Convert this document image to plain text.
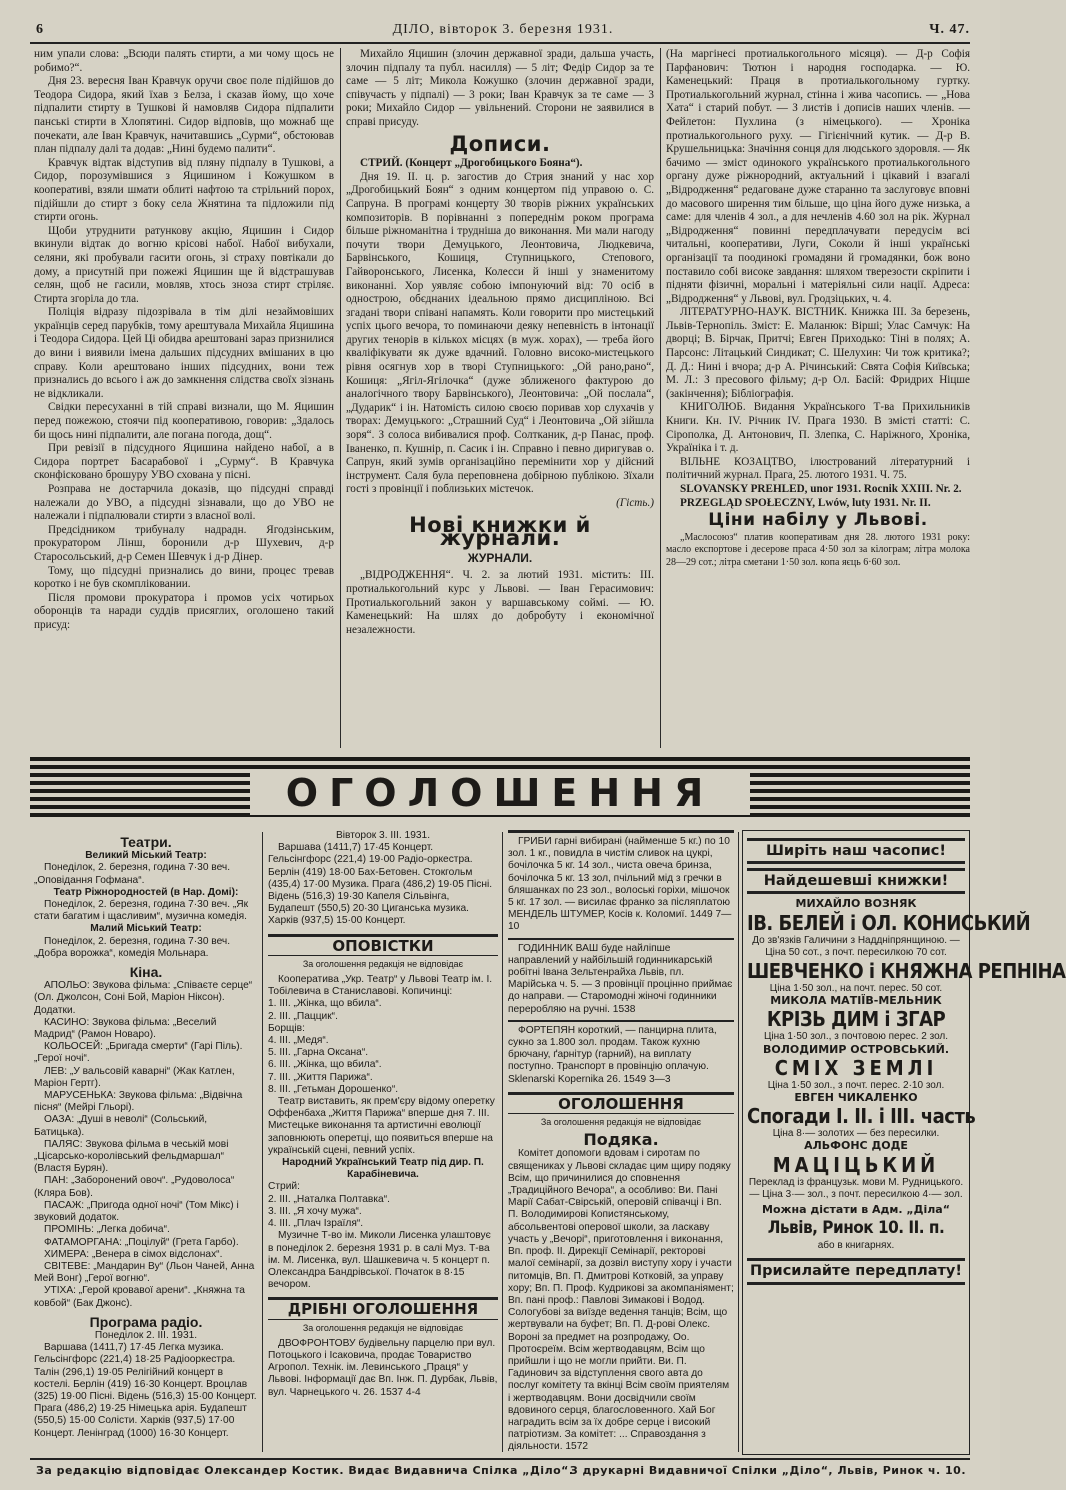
6	ДІЛО, вівторок 3. березня 1931.	Ч. 47.

ним упали слова: „Всюди палять стирти, а ми чому щось не робимо?“.

Дня 23. вересня Іван Кравчук оручи своє поле підійшов до Теодора Сидора, який їхав з Белза, і сказав йому, що хоче підпалити стирту в Тушкові й намовляв Сидора підпалити панські стирти в Хлопятині. Сидор відповів, що можнаб ще почекати, але Іван Кравчук, начитавшись „Сурми“, обстоював план підпалу далі та додав: „Нині будемо палити“.

Кравчук відтак відступив від пляну підпалу в Тушкові, а Сидор, порозумівшися з Яцишином і Кожушком в кооперативі, взяли шмати облиті нафтою та стрільний порох, підійшли до стирт з боку села Жнятина та підложили під стирти огонь.

Щоби утруднити ратункову акцію, Яцишин і Сидор вкинули відтак до вогню крісові набої. Набої вибухали, селяни, які пробували гасити огонь, зі страху повтікали до дому, а присутній при пожежі Яцишин ще й відстрашував селян, щоб не гасили, мовляв, хтось зноза стирт стріляє. Стирта згоріла до тла.

Поліція відразу підозрівала в тім ділі незаймовіших українців серед парубків, тому арештувала Михайла Яцишина і Теодора Сидора. Цей Ці обидва арештовані зараз признилися до вини і виявили імена дальших підсудних вмішаних в цю справу. Коли арештовано інших підсудних, вони теж признались до всього і аж до замкнення слідства своїх зізнань не відкликали.

Свідки пересуханні в тій справі визнали, що М. Яцишин перед пожежою, стоячи під кооперативою, говорив: „Здалось би щось нині підпалити, але погана погода, дощ“.

При ревізії в підсудного Яцишина найдено набої, а в Сидора портрет Басарабової і „Сурму“. В Кравчука сконфісковано брошуру УВО схована у пісні.

Розправа не достарчила доказів, що підсудні справді належали до УВО, а підсудні зізнавали, що до УВО не належали і підпалювали стирти з власної волі.

Предсідником трибуналу надрадн. Ягодзінським, прокуратором Лінш, боронили д-р Шухевич, д-р Старосольський, д-р Семен Шевчук і д-р Дінер.

Тому, що підсудні признались до вини, процес тревав коротко і не був скомпліковании.

Після промови прокуратора і промов усіх чотирьох оборонців та наради суддів присяглих, оголошено такий присуд:

Михайло Яцишин (злочин державної зради, дальша участь, злочин підпалу та публ. насилля) — 5 літ; Федір Сидор за те саме — 5 літ; Микола Кожушко (злочин державної зради, співучасть у підпалі) — 3 роки; Іван Кравчук за те саме — 3 роки; Михайло Сидор — увільнений. Сторони не заявилися в справі присуду.

Дописи.

СТРИЙ. (Концерт „Дрогобицького Бояна“).

Дня 19. ІІ. ц. р. загостив до Стрия знаний у нас хор „Дрогобицький Боян“ з одним концертом під управою о. С. Сапруна. В програмі концерту 30 творів ріжних українських композиторів. В порівнанні з попереднім роком програма більше ріжноманітна і трудніша до виконання. Ми мали нагоду почути твори Демуцького, Леонтовича, Людкевича, Барвінського, Кошиця, Ступницького, Степового, Гайворонського, Лисенка, Колесси й інші у знаменитому виконанні. Хор уявляє собою імпонуючий від: 70 осіб в однострою, обєднаних ідеальною прямо дисципліною. Всі згадані твори співані напамять. Коли говорити про мистецький успіх цього вечора, то поминаючи деяку непевність в інтонації других тенорів в кількох місцях (в муж. хорах), — треба його кваліфікувати як дуже вдачний. Головно високо-мистецького рівня осягнув хор в творі Ступницького: „Ой рано,рано“, Кошиця: „Ягіл-Ягілочка“ (дуже зближеного фактурою до аналогічного твору Барвінського), Леонтовича: „Ой послала“, „Дударик“ і ін. Натомість силою своєю поривав хор слухачів у творах: Демуцького: „Страшний Суд“ і Леонтовича „Ой зійшла зоря“. З солоса вибивалися проф. Солтканик, д-р Панас, проф. Іваненко, п. Кушнір, п. Сасик і ін. Справно і певно диригував о. Сапрун, який зумів організаційно перемінити хор у дійсний інструмент. Саля була переповнена добірною публікою. Зїхали гості з провінції і поблизьких містечок.

(Гість.)

Нові книжки й журнали.
ЖУРНАЛИ.

„ВІДРОДЖЕННЯ“. Ч. 2. за лютий 1931. містить: ІІІ. протиалькогольний курс у Львові. — Іван Герасимович: Протиалькогольний закон у варшавському соймі. — Ю. Каменецький: На шлях до добробуту і економічної незалежности.

(На маргінесі протиалькогольного місяця). — Д-р Софія Парфанович: Тютюн і народня господарка. — Ю. Каменецький: Праця в протиалькогольному гуртку. Протиалькогольний журнал, стінна і жива часопись. — „Нова Хата“ і старий побут. — З листів і дописів наших членів. — Фейлетон: Пухлина (з німецького). — Хроніка протиалькогольного руху. — Гігієнічний кутик. — Д-р В. Крушельницька: Значіння сонця для людського здоровля. — Як бачимо — зміст одинокого українського протиалькогольного органу дуже ріжнородний, актуальний і цікавий і взагалі „Відродження“ редаговане дуже старанно та заслуговує вповні до масового ширення тим більше, що ціна його дуже низька, а саме: для членів 4 зол., а для нечленів 4.60 зол на рік. Журнал „Відродження“ повинні передплачувати передусім всі читальні, кооперативи, Луги, Соколи й інші українські організації та поодинокі громадяни й громадянки, бож воно поставило собі високе завдання: шляхом тверезости скріпити і підняти фізичні, моральні і матеріяльні сили нації. Адреса: „Відродження“ у Львові, вул. Гродзіцьких, ч. 4.

ЛІТЕРАТУРНО-НАУК. ВІСТНИК. Книжка ІІІ. За березень, Львів-Тернопіль. Зміст: Е. Маланюк: Вірші; Улас Самчук: На дворці; В. Бірчак, Притчі; Евген Приходько: Тіні в полях; А. Парсонс: Літацький Синдикат; С. Шелухин: Чи тож критика?; Д. Д.: Нині і вчора; д-р А. Річинський: Свята Софія Київська; М. Л.: З пресового фільму; д-р Ол. Басій: Фридрих Ніцше (закінчення); Бібліографія.

КНИГОЛЮБ. Видання Українського Т-ва Прихильників Книги. Кн. IV. Річник IV. Прага 1930. В змісті статті: С. Сірополка, Д. Антонович, П. Злепка, С. Наріжного, Хроніка, Українікa і т. д.

ВІЛЬНЕ КОЗАЦТВО, ілюстрований літературний і політичний журнал. Прага, 25. лютого 1931. Ч. 75.

SLOVANSKY PREHLED, unor 1931. Rocnik XXIII. Nr. 2.

PRZEGLĄD SPOŁECZNY, Lwów, luty 1931. Nr. II.

Ціни набілу у Львові.

„Маслосоюз“ платив кооперативам дня 28. лютого 1931 року: масло експортове і десерове праса 4·50 зол за кілограм; літра молока 28—29 сот.; літра сметани 1·50 зол. копа яєць 6·60 зол.

ОГОЛОШЕННЯ
Театри.
Великий Міський Театр:
Понеділок, 2. березня, година 7·30 веч. „Оповідання Гофмана“.
Театр Ріжнородностей (в Нар. Домі):
Понеділок, 2. березня, година 7·30 веч. „Як стати багатим і щасливим“, музична комедія.
Малий Міський Театр:
Понеділок, 2. березня, година 7·30 веч. „Добра ворожка“, комедія Мольнара.
Кіна.
АПОЛЬО: Звукова фільма: „Співаєте серце“ (Ол. Джолсон, Соні Бой, Маріон Ніксон). Додатки.
КАСИНО: Звукова фільма: „Веселий Мадрид“ (Рамон Новаро).
КОЛЬОСЕЙ: „Бригада смерти“ (Гарі Піль). „Герої ночі“.
ЛЕВ: „У вальсовій каварні“ (Жак Катлен, Маріон Гертг).
МАРУСЕНЬКА: Звукова фільма: „Відвічна пісня“ (Мейрі Гльорі).
ОАЗА: „Душі в неволі“ (Сольський, Батицька).
ПАЛЯС: Звукова фільма в чеській мові „Цісарсько-королівський фельдмаршал“ (Властя Бурян).
ПАН: „Заборонений овоч“. „Рудоволоса“ (Кляра Бов).
ПАСАЖ: „Пригода одної ночі“ (Том Мікс) і звуковий додаток.
ПРОМІНЬ: „Легка добича“.
ФАТАМОРГАНА: „Поцілуй“ (Грета Гарбо).
ХИМЕРА: „Венера в сімох відслонах“.
СВІТЕВЕ: „Мандарин Ву“ (Льон Чаней, Анна Мей Вонг) „Герої вогню“.
УТІХА: „Герой кровавої арени“. „Княжна та ковбой“ (Бак Джонс).
Програма радіо.
Понеділок 2. ІІІ. 1931.
Варшава (1411,7) 17·45 Легка музика. Гельсінгфорс (221,4) 18·25 Радіооркестра. Талін (296,1) 19·05 Релігійний концерт в костелі. Берлін (419) 16·30 Концерт. Вроцлав (325) 19·00 Пісні. Відень (516,3) 15·00 Концерт. Прага (486,2) 19·25 Німецька арія. Будапешт (550,5) 15·00 Солісти. Харків (937,5) 17·00 Концерт. Ленінград (1000) 16·30 Концерт.
Вівторок 3. ІІІ. 1931.
Варшава (1411,7) 17·45 Концерт. Гельсінгфорс (221,4) 19·00 Радіо-оркестра. Берлін (419) 18·00 Бах-Бетовен. Стокгольм (435,4) 17·00 Музика. Прага (486,2) 19·05 Пісні. Відень (516,3) 19·30 Капеля Сільвінга, Будапешт (550,5) 20·30 Циганська музика. Харків (937,5) 15·00 Концерт.
ОПОВІСТКИ
За оголошення редакція не відповідає
Кооператива „Укр. Театр“ у Львові Театр ім. І. Тобілевича в Станиславові. Копичинці:
1. ІІІ. „Жінка, що вбила“.
2. ІІІ. „Паццик“.
Борщів:
4. ІІІ. „Медя“.
5. ІІІ. „Гарна Оксана“.
6. ІІІ. „Жінка, що вбила“.
7. ІІІ. „Життя Парижа“.
8. ІІІ. „Гетьман Дорошенко“.
Театр виставить, як прем'єру відому оперетку Оффенбаха „Життя Парижа“ вперше дня 7. ІІІ. Мистецьке виконання та артистичні еволюції заповнюють оперетці, що появиться вперше на українській сцені, певний успіх.
Народний Український Театр під дир. П. Карабіневича.
Стрий:
2. ІІІ. „Наталка Полтавка“.
3. ІІІ. „Я хочу мужа“.
4. ІІІ. „Плач Ізраїля“.
Музичне Т-во ім. Миколи Лисенка улаштовує в понеділок 2. березня 1931 р. в салі Муз. Т-ва ім. М. Лисенка, вул. Шашкевича ч. 5 концерт п. Олександра Бандрівської. Початок в 8·15 вечором.
ДРІБНІ ОГОЛОШЕННЯ
За оголошення редакція не відповідає
ДВОФРОНТОВУ будівельну парцелю при вул. Потоцького і Ісаковича, продає Товариство Агропол. Технік. ім. Левинського „Праця“ у Львові. Інформації дає Вп. Інж. П. Дурбак, Львів, вул. Чарнецького ч. 26. 1537 4-4
ГРИБИ гарні вибирані (найменше 5 кг.) по 10 зол. 1 кг., повидла в чистім сливок на цукрі, бочілочка 5 кг. 14 зол., чиста овеча бринза, бочілочка 5 кг. 13 зол, пчільний мід з гречки в бляшанках по 23 зол., волоські горіхи, мішочок 5 кг. 17 зол. — висилає франко за післяплатою МЕНДЕЛЬ ШТУМЕР, Косів к. Коломиї. 1449 7—10
ГОДИННИК ВАШ буде найліпше направлений у найбільшій годинникарській робітні Івана Зельтенрайха Львів, пл. Марійська ч. 5. — 3 провінції процінно приймає до направи. — Старомодні жіночі годинники переробляю на ручні. 1538
ФОРТЕПЯН короткий, — панцирна плита, сукно за 1.800 зол. продам. Також кухню брючану, ґарнітур (гарний), на виплату поступно. Транспорт в провінцію оплачую. Sklenarski Kopernika 26. 1549 3—3
ОГОЛОШЕННЯ
За оголошення редакція не відповідає
Подяка.
Комітет допомоги вдовам і сиротам по священиках у Львові складає цим щиру подяку Всім, що причинилися до сповнення „Традиційного Вечора“, а особливо: Ви. Пані Марії Сабат-Свірській, оперовій співачці і Вп. П. Володимирові Копистянському, абсольвентові оперової школи, за ласкаву участь у „Вечорі“, приготовлення і виконання, Вп. проф. ІІ. Дирекції Семінарії, ректорові малої семінарії, за дозвіл виступу хору і участи питомців, Вп. П. Дмитрові Котковій, за управу хору; Вп. П. Проф. Кудрикові за акомпаніямент; Вп. пані проф.: Павлові Зимакові і Водод. Сологубові за виїзде ведення танців; Всім, що жертвували на буфет; Вп. П. Д-рові Олекс. Вороні за предмет на розпродажу, Оо. Протоєреїм. Всім жертводавцям, Всім що прийшли і що не могли прийти. Ви. П. Гадинович за відступлення свого авта до послуг комітету та вкінці Всім своїм приятелям і жертводавцям. Вони досвідчили своїм вдовиного серця, благословенного. Хай Бог наградить всім за їх добре серце і високий патріотизм. За комітет: ... Справоздання з діяльности. 1572
Ширіть наш часопис!
Найдешевші книжки!
МИХАЙЛО ВОЗНЯК
ІВ. БЕЛЕЙ і ОЛ. КОНИСЬКИЙ
До зв'язків Галичини з Наддніпрянщиною. — Ціна 50 сот., з почт. пересилкою 70 сот.
ШЕВЧЕНКО і КНЯЖНА РЕПНІНА
Ціна 1·50 зол., на почт. перес. 50 сот.
МИКОЛА МАТІЇВ-МЕЛЬНИК
КРІЗЬ ДИМ і ЗГАР
Ціна 1·50 зол., з почтовою перес. 2 зол.
ВОЛОДИМИР ОСТРОВСЬКИЙ.
СМІХ ЗЕМЛІ
Ціна 1·50 зол., з почт. перес. 2·10 зол.
ЕВГЕН ЧИКАЛЕНКО
Спогади І. ІІ. і ІІІ. часть
Ціна 8·— золотих — без пересилки.
АЛЬФОНС ДОДЕ
МАЦІЦЬКИЙ
Переклад із французьк. мови М. Рудницького. — Ціна 3·— зол., з почт. пересилкою 4·— зол.
Можна дістати в Адм. „Діла“
Львів, Ринок 10. ІІ. п.
або в книгарнях.
Присилайте передплату!
За редакцію відповідає Олександер Костик. Видає Видавнича Спілка „Діло“.
З друкарні Видавничої Спілки „Діло“, Львів, Ринок ч. 10.
